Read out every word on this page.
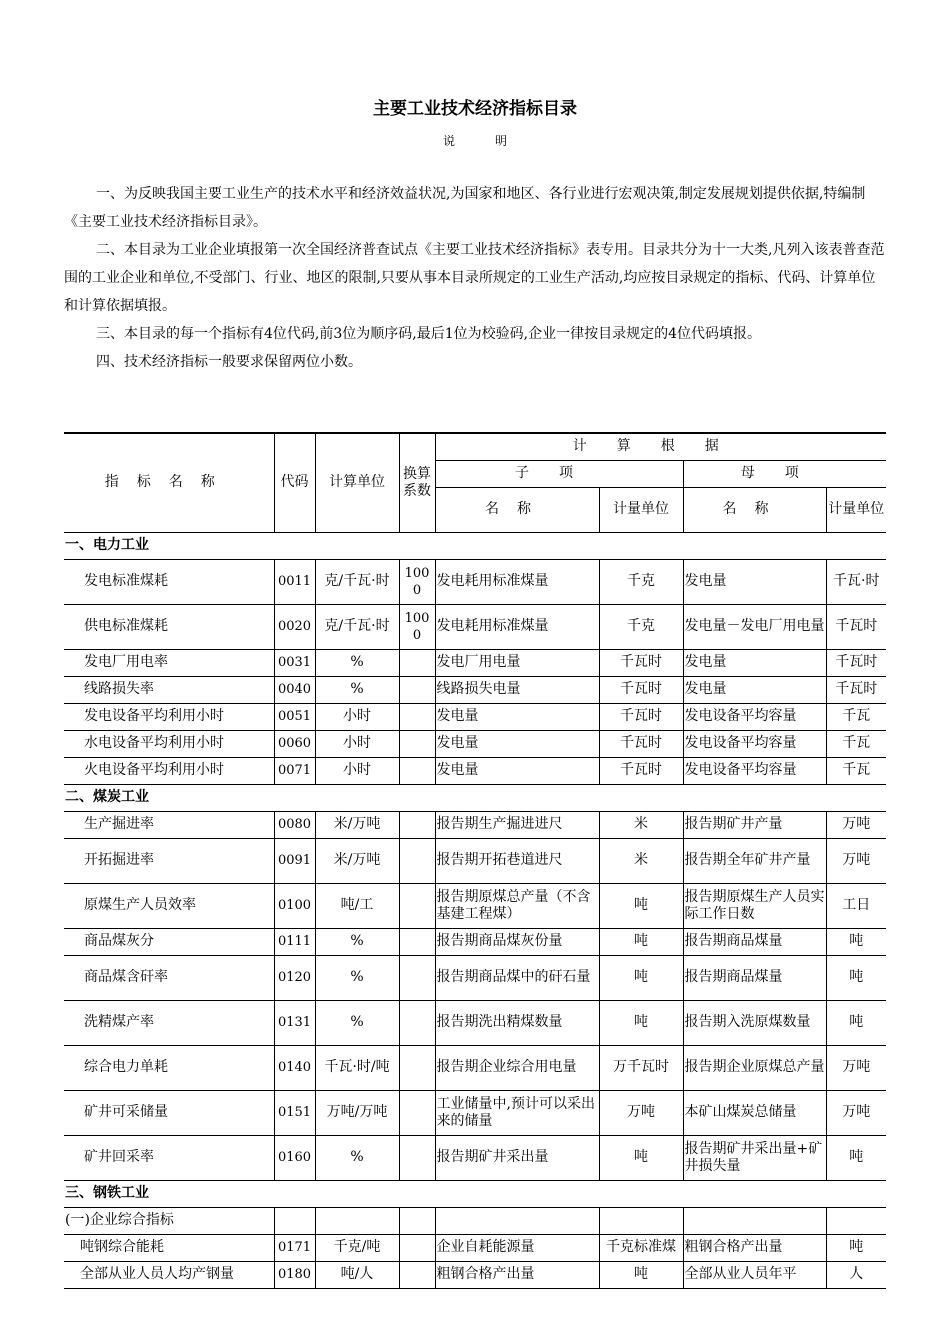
主要工业技术经济指标目录
说明

一、为反映我国主要工业生产的技术水平和经济效益状况,为国家和地区、各行业进行宏观决策,制定发展规划提供依据,特编制《主要工业技术经济指标目录》。

二、本目录为工业企业填报第一次全国经济普查试点《主要工业技术经济指标》表专用。目录共分为十一大类,凡列入该表普查范围的工业企业和单位,不受部门、行业、地区的限制,只要从事本目录所规定的工业生产活动,均应按目录规定的指标、代码、计算单位和计算依据填报。

三、本目录的每一个指标有4位代码,前3位为顺序码,最后1位为校验码,企业一律按目录规定的4位代码填报。

四、技术经济指标一般要求保留两位小数。

指标名称	代码	计算单位	换算系数	计算根据			
				子项		母项	
				名称	计量单位	名称	计量单位
一、电力工业							
发电标准煤耗	0011	克/千瓦·时	1000	发电耗用标准煤量	千克	发电量	千瓦·时
供电标准煤耗	0020	克/千瓦·时	1000	发电耗用标准煤量	千克	发电量－发电厂用电量	千瓦时
发电厂用电率	0031	%		发电厂用电量	千瓦时	发电量	千瓦时
线路损失率	0040	%		线路损失电量	千瓦时	发电量	千瓦时
发电设备平均利用小时	0051	小时		发电量	千瓦时	发电设备平均容量	千瓦
水电设备平均利用小时	0060	小时		发电量	千瓦时	发电设备平均容量	千瓦
火电设备平均利用小时	0071	小时		发电量	千瓦时	发电设备平均容量	千瓦
二、煤炭工业							
生产掘进率	0080	米/万吨		报告期生产掘进进尺	米	报告期矿井产量	万吨
开拓掘进率	0091	米/万吨		报告期开拓巷道进尺	米	报告期全年矿井产量	万吨
原煤生产人员效率	0100	吨/工		报告期原煤总产量（不含基建工程煤）	吨	报告期原煤生产人员实际工作日数	工日
商品煤灰分	0111	%		报告期商品煤灰份量	吨	报告期商品煤量	吨
商品煤含矸率	0120	%		报告期商品煤中的矸石量	吨	报告期商品煤量	吨
洗精煤产率	0131	%		报告期洗出精煤数量	吨	报告期入洗原煤数量	吨
综合电力单耗	0140	千瓦·时/吨		报告期企业综合用电量	万千瓦时	报告期企业原煤总产量	万吨
矿井可采储量	0151	万吨/万吨		工业储量中,预计可以采出来的储量	万吨	本矿山煤炭总储量	万吨
矿井回采率	0160	%		报告期矿井采出量	吨	报告期矿井采出量+矿井损失量	吨
三、钢铁工业							
(一)企业综合指标							
吨钢综合能耗	0171	千克/吨		企业自耗能源量	千克标准煤	粗钢合格产出量	吨
全部从业人员人均产钢量	0180	吨/人		粗钢合格产出量	吨	全部从业人员年平	人
